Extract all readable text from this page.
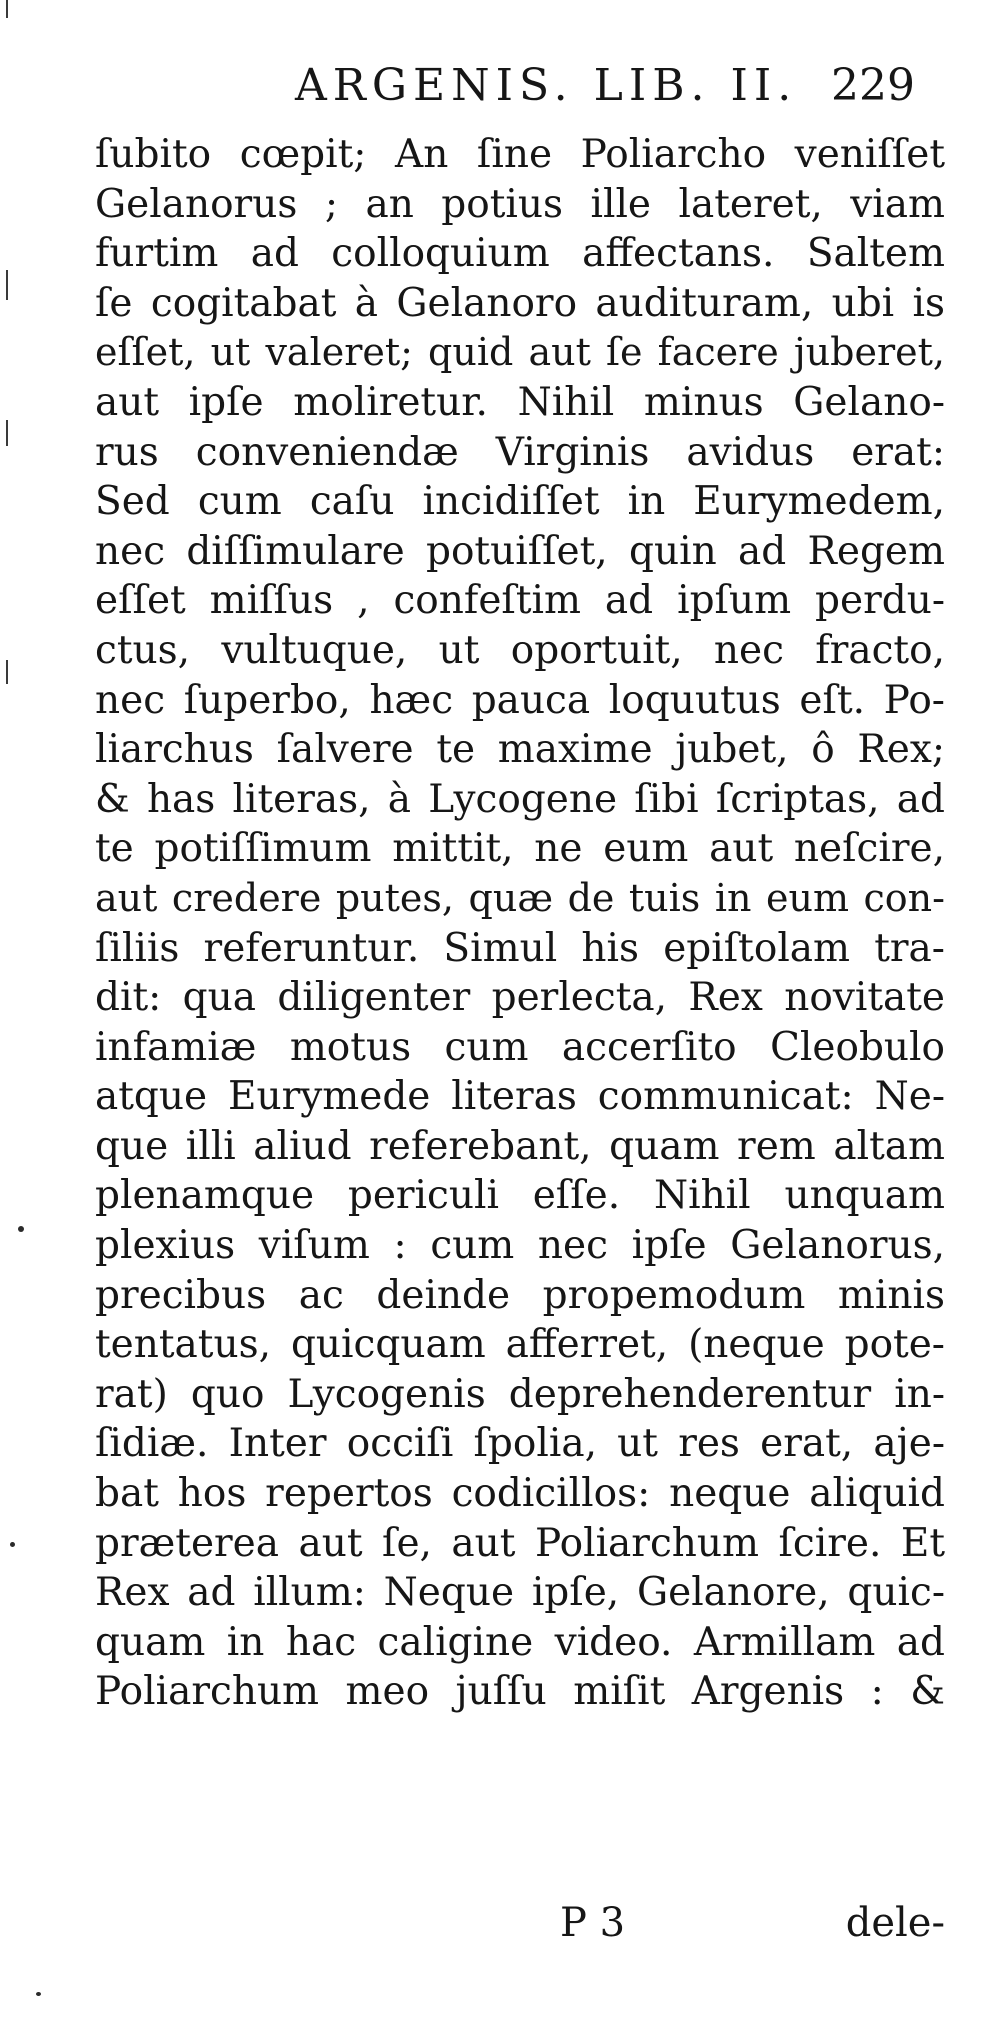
ARGENIS. LIB. II. 229
ſubito cœpit; An ſine Poliarcho veniſſet
Gelanorus ; an potius ille lateret, viam
furtim ad colloquium affectans. Saltem
ſe cogitabat à Gelanoro audituram, ubi is
eſſet, ut valeret; quid aut ſe facere juberet,
aut ipſe moliretur. Nihil minus Gelano-
rus conveniendæ Virginis avidus erat:
Sed cum caſu incidiſſet in Eurymedem,
nec diſſimulare potuiſſet, quin ad Regem
eſſet miſſus , confeſtim ad ipſum perdu-
ctus, vultuque, ut oportuit, nec fracto,
nec ſuperbo, hæc pauca loquutus eſt. Po-
liarchus ſalvere te maxime jubet, ô Rex;
& has literas, à Lycogene ſibi ſcriptas, ad
te potiſſimum mittit, ne eum aut neſcire,
aut credere putes, quæ de tuis in eum con-
ſiliis referuntur. Simul his epiſtolam tra-
dit: qua diligenter perlecta, Rex novitate
infamiæ motus cum accerſito Cleobulo
atque Eurymede literas communicat: Ne-
que illi aliud referebant, quam rem altam
plenamque periculi eſſe. Nihil unquam
plexius viſum : cum nec ipſe Gelanorus,
precibus ac deinde propemodum minis
tentatus, quicquam afferret, (neque pote-
rat) quo Lycogenis deprehenderentur in-
ſidiæ. Inter occiſi ſpolia, ut res erat, aje-
bat hos repertos codicillos: neque aliquid
præterea aut ſe, aut Poliarchum ſcire. Et
Rex ad illum: Neque ipſe, Gelanore, quic-
quam in hac caligine video. Armillam ad
Poliarchum meo juſſu miſit Argenis : &
P 3	dele-
